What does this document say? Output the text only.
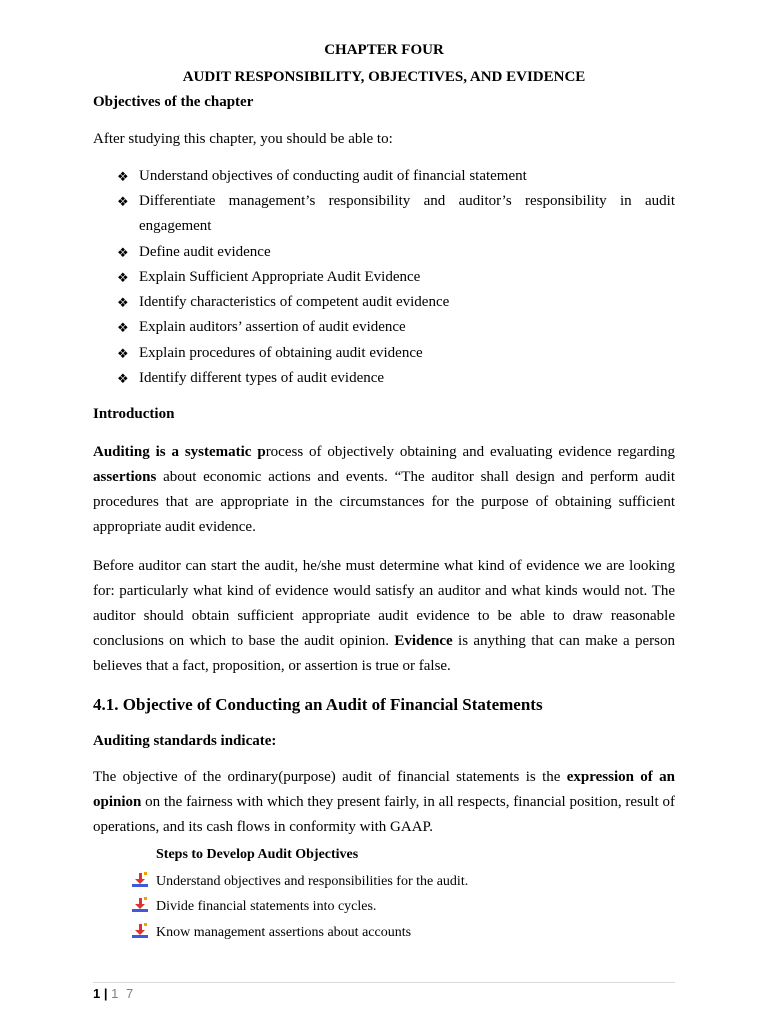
CHAPTER FOUR
AUDIT RESPONSIBILITY, OBJECTIVES, AND EVIDENCE
Objectives of the chapter
After studying this chapter, you should be able to:
❖ Understand objectives of conducting audit of financial statement
❖ Differentiate management’s responsibility and auditor’s responsibility in audit engagement
❖ Define audit evidence
❖ Explain Sufficient Appropriate Audit Evidence
❖ Identify characteristics of competent audit evidence
❖ Explain auditors’ assertion of audit evidence
❖ Explain procedures of obtaining audit evidence
❖ Identify different types of audit evidence
Introduction

Auditing is a systematic process of objectively obtaining and evaluating evidence regarding assertions about economic actions and events. “The auditor shall design and perform audit procedures that are appropriate in the circumstances for the purpose of obtaining sufficient appropriate audit evidence.

Before auditor can start the audit, he/she must determine what kind of evidence we are looking for: particularly what kind of evidence would satisfy an auditor and what kinds would not. The auditor should obtain sufficient appropriate audit evidence to be able to draw reasonable conclusions on which to base the audit opinion. Evidence is anything that can make a person believes that a fact, proposition, or assertion is true or false.

4.1. Objective of Conducting an Audit of Financial Statements
Auditing standards indicate:

The objective of the ordinary(purpose) audit of financial statements is the expression of an opinion on the fairness with which they present fairly, in all respects, financial position, result of operations, and its cash flows in conformity with GAAP.

Steps to Develop Audit Objectives
Understand objectives and responsibilities for the audit.
Divide financial statements into cycles.
Know management assertions about accounts
1 | 1 7
